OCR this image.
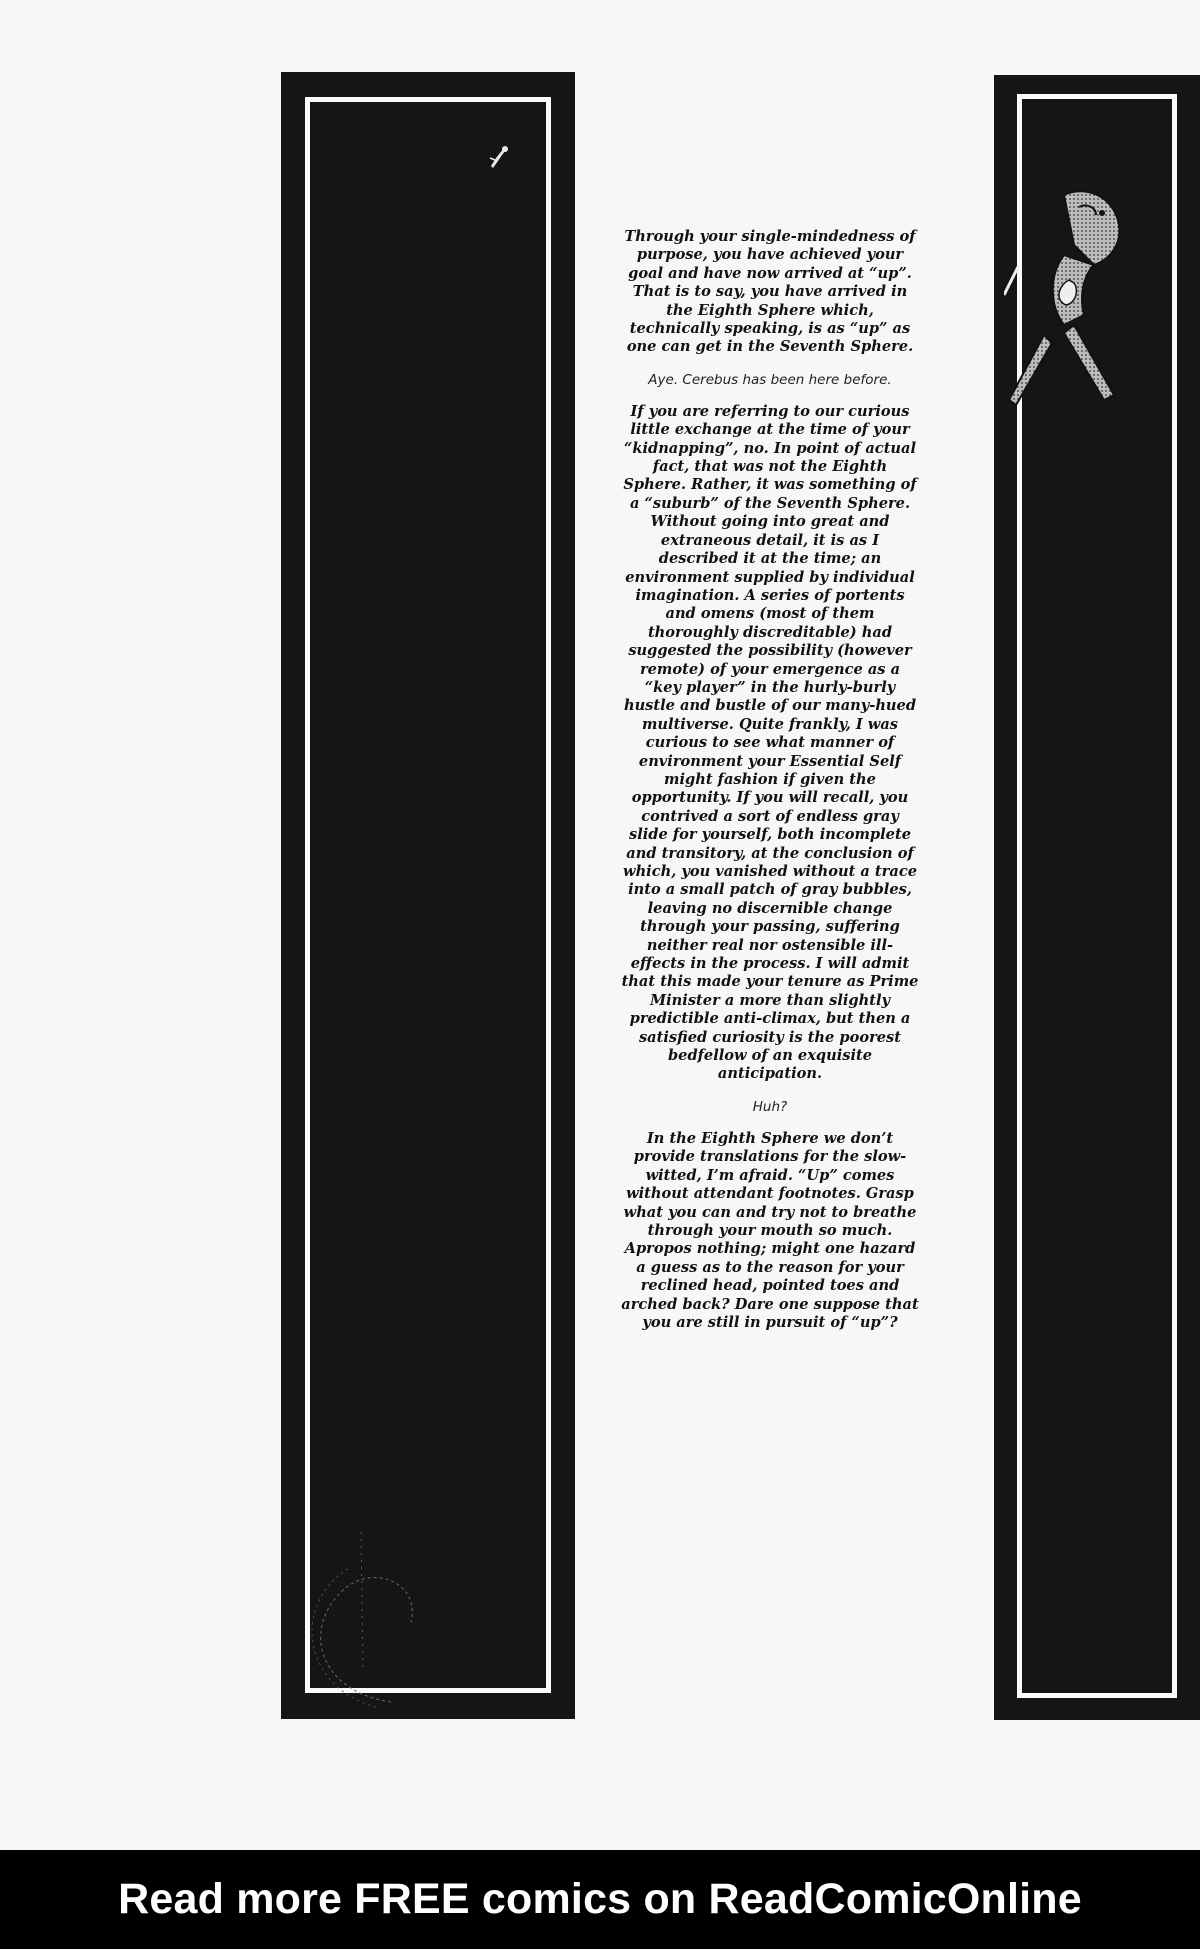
Through your single-mindedness of purpose, you have achieved your goal and have now arrived at “up”. That is to say, you have arrived in the Eighth Sphere which, technically speaking, is as “up” as one can get in the Seventh Sphere.

Aye. Cerebus has been here before.

If you are referring to our curious little exchange at the time of your “kidnapping”, no. In point of actual fact, that was not the Eighth Sphere. Rather, it was something of a “suburb” of the Seventh Sphere. Without going into great and extraneous detail, it is as I described it at the time; an environment supplied by individual imagination. A series of portents and omens (most of them thoroughly discreditable) had suggested the possibility (however remote) of your emergence as a “key player” in the hurly-burly hustle and bustle of our many-hued multiverse. Quite frankly, I was curious to see what manner of environment your Essential Self might fashion if given the opportunity. If you will recall, you contrived a sort of endless gray slide for yourself, both incomplete and transitory, at the conclusion of which, you vanished without a trace into a small patch of gray bubbles, leaving no discernible change through your passing, suffering neither real nor ostensible ill-effects in the process. I will admit that this made your tenure as Prime Minister a more than slightly predictible anti-climax, but then a satisfied curiosity is the poorest bedfellow of an exquisite anticipation.

Huh?

In the Eighth Sphere we don’t provide translations for the slow-witted, I’m afraid. “Up” comes without attendant footnotes. Grasp what you can and try not to breathe through your mouth so much. Apropos nothing; might one hazard a guess as to the reason for your reclined head, pointed toes and arched back? Dare one suppose that you are still in pursuit of “up”?

Read more FREE comics on ReadComicOnline
